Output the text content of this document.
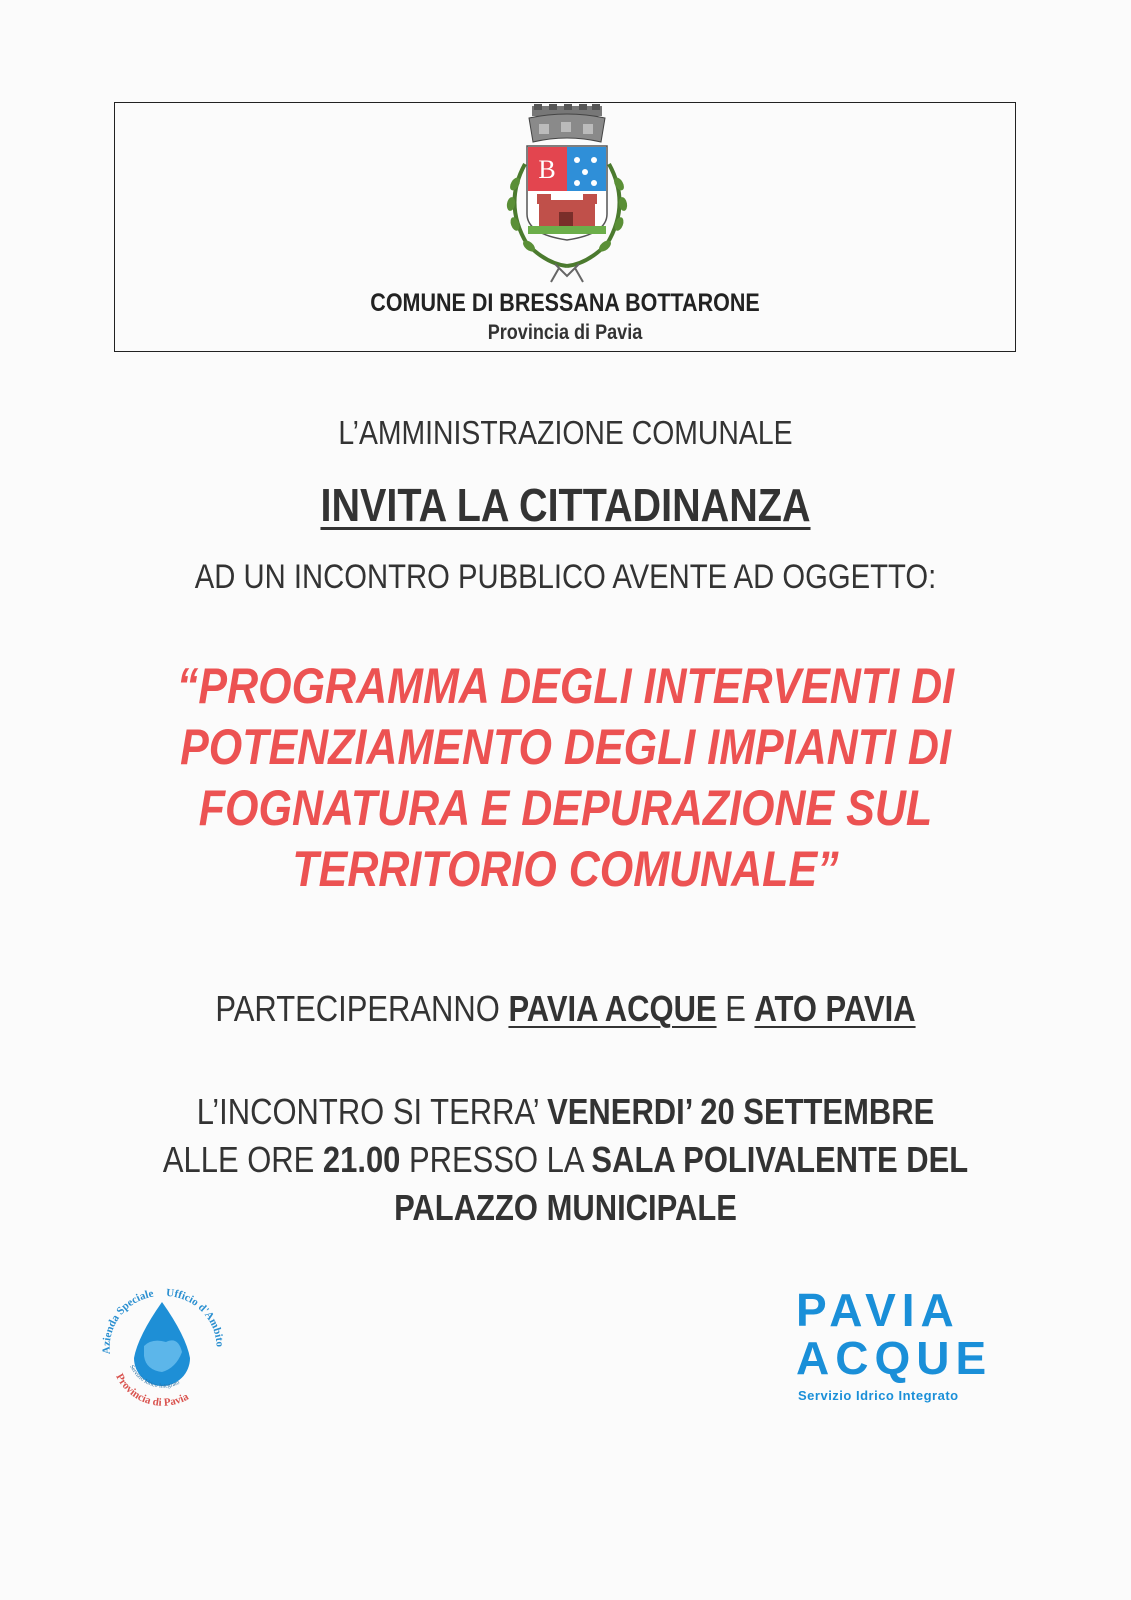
COMUNE DI BRESSANA BOTTARONE
Provincia di Pavia
B
L’AMMINISTRAZIONE COMUNALE
INVITA LA CITTADINANZA
AD UN INCONTRO PUBBLICO AVENTE AD OGGETTO:
“PROGRAMMA DEGLI INTERVENTI DI
POTENZIAMENTO DEGLI IMPIANTI DI
FOGNATURA E DEPURAZIONE SUL
TERRITORIO COMUNALE”
PARTECIPERANNO PAVIA ACQUE E ATO PAVIA
L’INCONTRO SI TERRA’ VENERDI’ 20 SETTEMBRE
ALLE ORE 21.00 PRESSO LA SALA POLIVALENTE DEL
PALAZZO MUNICIPALE
Azienda Speciale Ufficio d'Ambito
Servizio Idrico Integrato
Provincia di Pavia
PAVIA
ACQUE
Servizio Idrico Integrato
